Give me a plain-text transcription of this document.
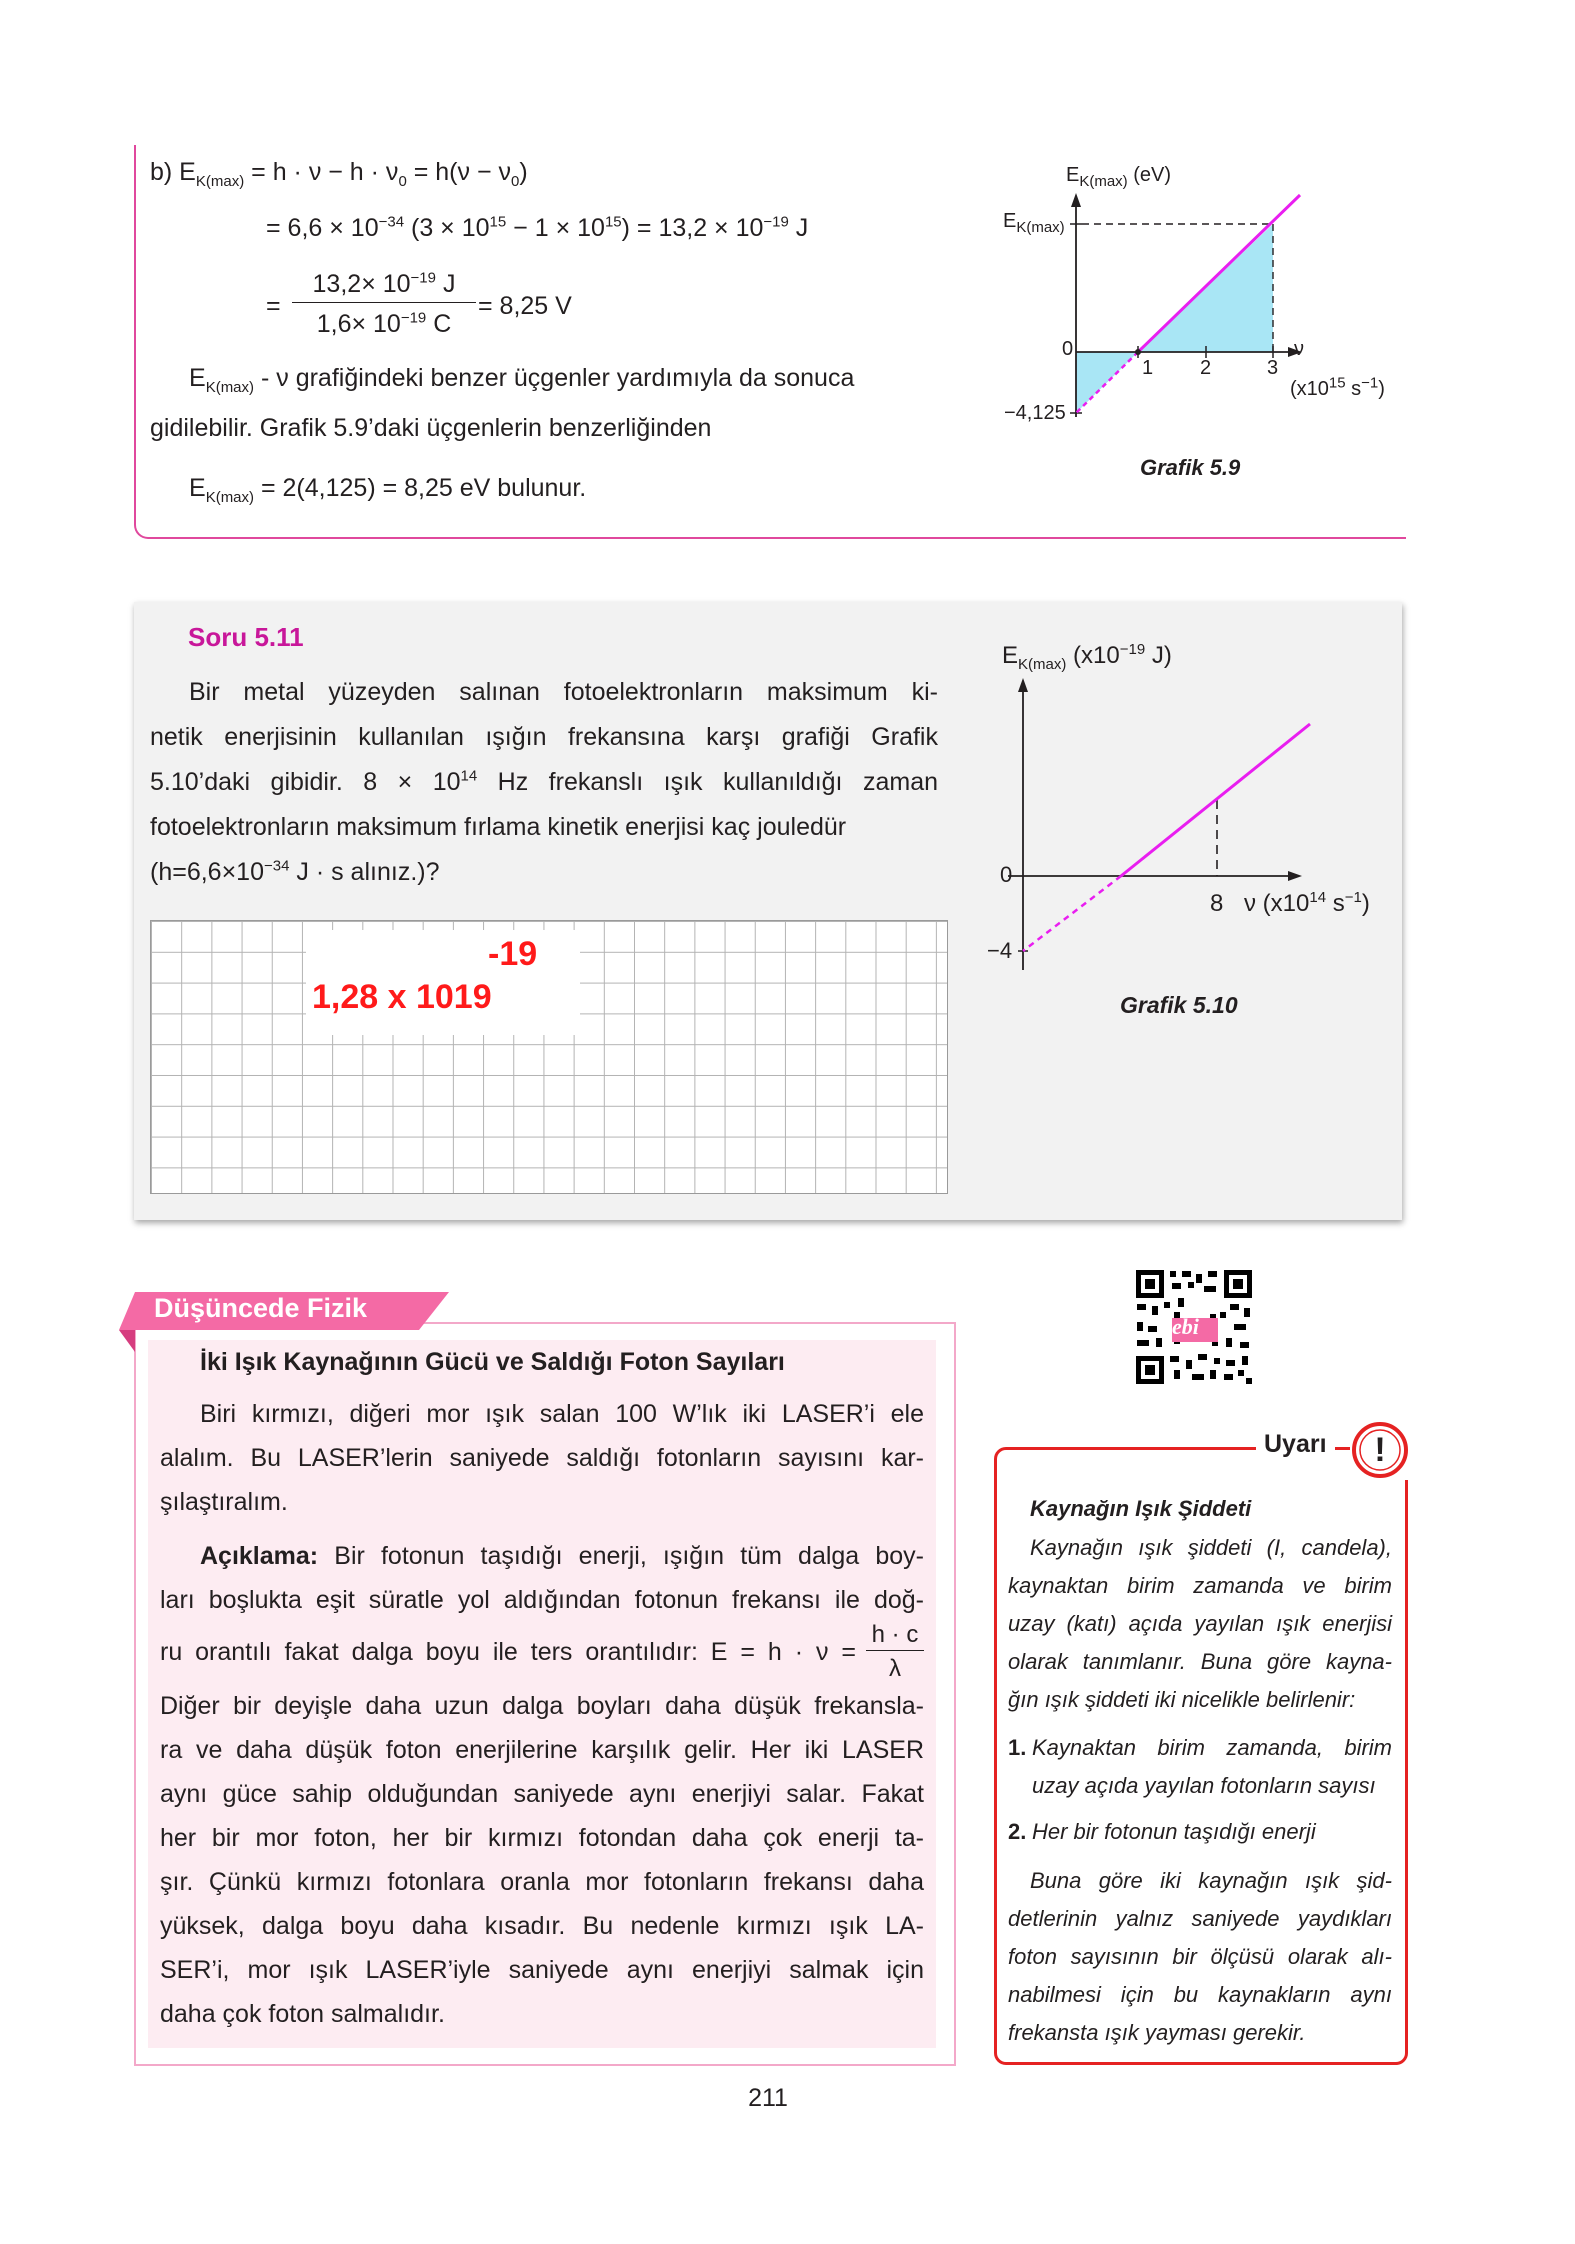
b) $E_{K(max)} = h \cdot \nu - h \cdot \nu_0 = h(\nu - \nu_0)$
= $6,6 \times 10^{-34}$ $(3 \times 10^{15} - 1 \times 10^{15}) = 13,2 \times 10^{-19}$ J
=
$13,2\times 10^{-19}$ J
$1,6\times 10^{-19}$ C
= 8,25 V
$E_{K(max)}$ - ν grafiğindeki benzer üçgenler yardımıyla da sonuca
gidilebilir. Grafik 5.9’daki üçgenlerin benzerliğinden
$E_{K(max)} = 2(4,125) = 8,25$ eV bulunur.
$E_{K(max)}$ (eV)
$E_{K(max)}$
0
−4,125
1 2	3
ν
($x10^{15}$ $s^{-1}$)
Grafik 5.9
Soru 5.11
Bir metal yüzeyden salınan fotoelektronların maksimum ki-
netik enerjisinin kullanılan ışığın frekansına karşı grafiği Grafik
5.10’daki gibidir. $8 \times 10^{14}$ Hz frekanslı ışık kullanıldığı zaman
fotoelektronların maksimum fırlama kinetik enerjisi kaç jouledür
($h=6,6\times 10^{-34}$ J · s alınız.)?
-19
1,28 x 1019
$E_{K(max)}$ ($x10^{-19}$ J)
0
−4
8 ν ($x10^{14}$ $s^{-1}$)
Grafik 5.10
Düşüncede Fizik
İki Işık Kaynağının Gücü ve Saldığı Foton Sayıları
Biri kırmızı, diğeri mor ışık salan 100 W’lık iki LASER’i ele
alalım. Bu LASER’lerin saniyede saldığı fotonların sayısını kar-
şılaştıralım.
Açıklama: Bir fotonun taşıdığı enerji, ışığın tüm dalga boy-
ları boşlukta eşit süratle yol aldığından fotonun frekansı ile doğ-
ru orantılı fakat dalga boyu ile ters orantılıdır: E = h · ν =
h · c
λ
Diğer bir deyişle daha uzun dalga boyları daha düşük frekansla-
ra ve daha düşük foton enerjilerine karşılık gelir. Her iki LASER
aynı güce sahip olduğundan saniyede aynı enerjiyi salar. Fakat
her bir mor foton, her bir kırmızı fotondan daha çok enerji ta-
şır. Çünkü kırmızı fotonlara oranla mor fotonların frekansı daha
yüksek, dalga boyu daha kısadır. Bu nedenle kırmızı ışık LA-
SER’i, mor ışık LASER’iyle saniyede aynı enerjiyi salmak için
daha çok foton salmalıdır.
ebi
Uyarı	!
Kaynağın Işık Şiddeti
Kaynağın ışık şiddeti (I, candela),
kaynaktan birim zamanda ve birim
uzay (katı) açıda yayılan ışık enerjisi
olarak tanımlanır. Buna göre kayna-
ğın ışık şiddeti iki nicelikle belirlenir:
1. Kaynaktan birim zamanda, birim
uzay açıda yayılan fotonların sayısı
2. Her bir fotonun taşıdığı enerji
Buna göre iki kaynağın ışık şid-
detlerinin yalnız saniyede yaydıkları
foton sayısının bir ölçüsü olarak alı-
nabilmesi için bu kaynakların aynı
frekansta ışık yayması gerekir.
211
